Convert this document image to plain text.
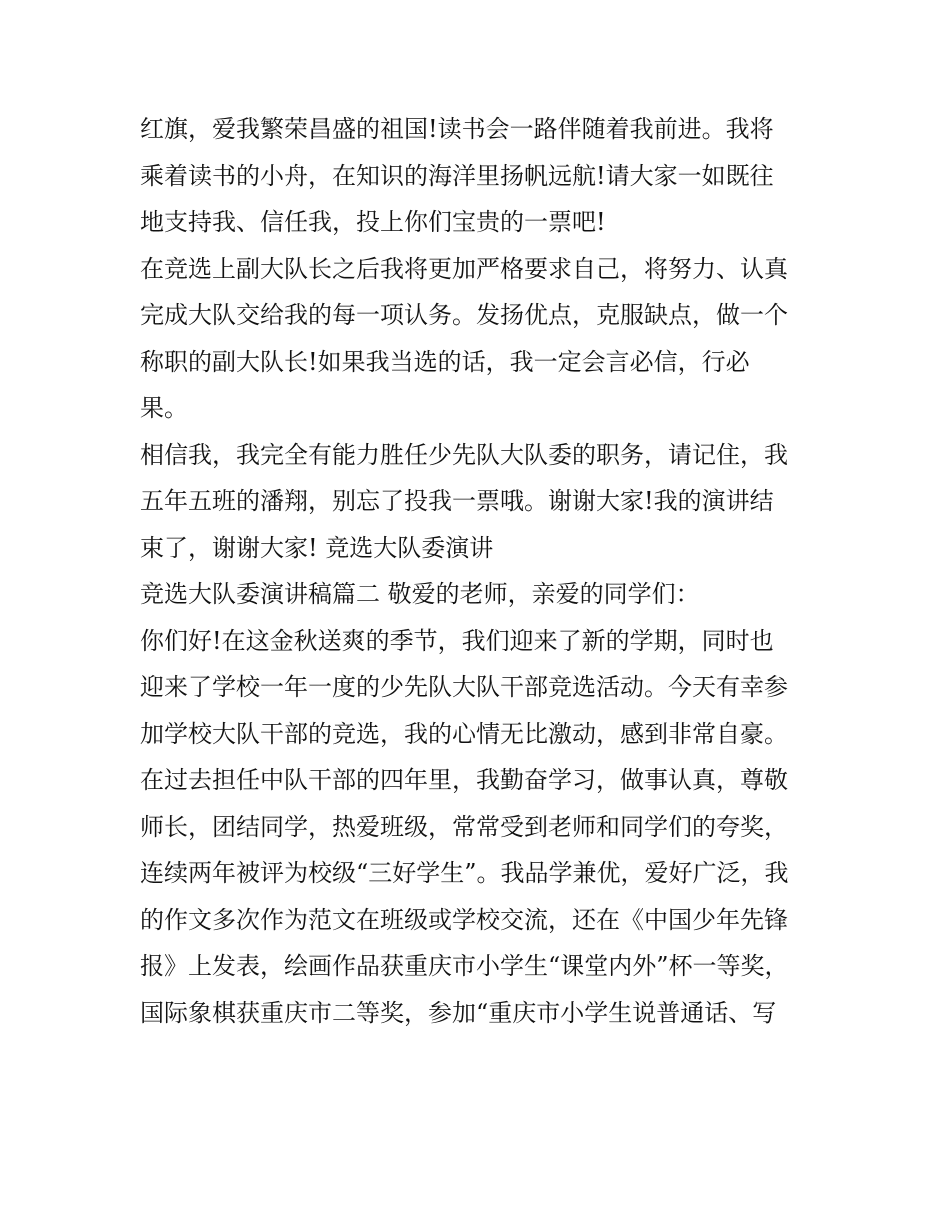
红旗，爱我繁荣昌盛的祖国!读书会一路伴随着我前进。我将
乘着读书的小舟，在知识的海洋里扬帆远航!请大家一如既往
地支持我、信任我，投上你们宝贵的一票吧!
在竞选上副大队长之后我将更加严格要求自己，将努力、认真
完成大队交给我的每一项认务。发扬优点，克服缺点，做一个
称职的副大队长!如果我当选的话，我一定会言必信，行必
果。
相信我，我完全有能力胜任少先队大队委的职务，请记住，我
五年五班的潘翔，别忘了投我一票哦。谢谢大家!我的演讲结
束了，谢谢大家! 竞选大队委演讲
竞选大队委演讲稿篇二 敬爱的老师，亲爱的同学们：
你们好!在这金秋送爽的季节，我们迎来了新的学期，同时也
迎来了学校一年一度的少先队大队干部竞选活动。今天有幸参
加学校大队干部的竞选，我的心情无比激动，感到非常自豪。
在过去担任中队干部的四年里，我勤奋学习，做事认真，尊敬
师长，团结同学，热爱班级，常常受到老师和同学们的夸奖，
连续两年被评为校级“三好学生”。我品学兼优，爱好广泛，我
的作文多次作为范文在班级或学校交流，还在《中国少年先锋
报》上发表，绘画作品获重庆市小学生“课堂内外”杯一等奖，
国际象棋获重庆市二等奖，参加“重庆市小学生说普通话、写
